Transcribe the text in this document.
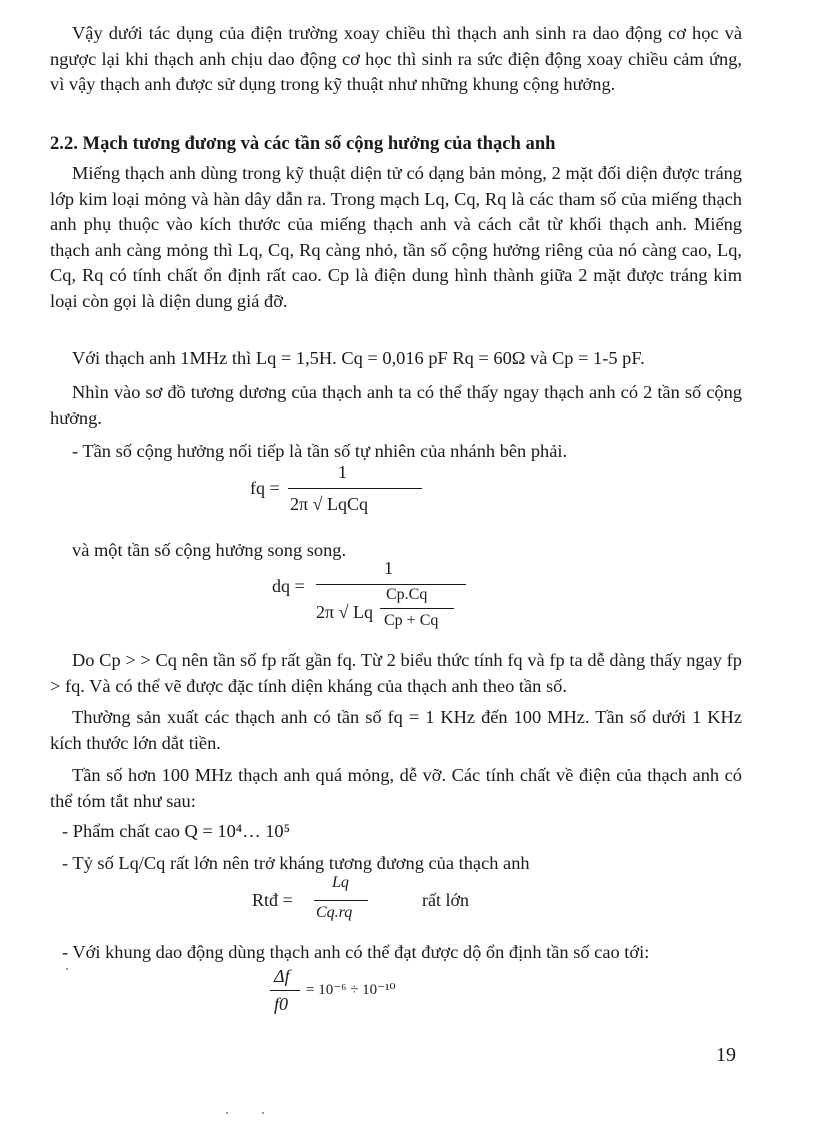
Vậy dưới tác dụng của điện trường xoay chiều thì thạch anh sinh ra dao động cơ học và ngược lại khi thạch anh chịu dao động cơ học thì sinh ra sức điện động xoay chiều cảm ứng, vì vậy thạch anh được sử dụng trong kỹ thuật như những khung cộng hưởng.

2.2. Mạch tương đương và các tần số cộng hưởng của thạch anh

Miếng thạch anh dùng trong kỹ thuật diện tử có dạng bản mỏng, 2 mặt đối diện được tráng lớp kim loại mỏng và hàn dây dẫn ra. Trong mạch Lq, Cq, Rq là các tham số của miếng thạch anh phụ thuộc vào kích thước của miếng thạch anh và cách cắt từ khối thạch anh. Miếng thạch anh càng mỏng thì Lq, Cq, Rq càng nhỏ, tần số cộng hưởng riêng của nó càng cao, Lq, Cq, Rq có tính chất ổn định rất cao. Cp là điện dung hình thành giữa 2 mặt được tráng kim loại còn gọi là diện dung giá đỡ.

Với thạch anh 1MHz thì Lq = 1,5H. Cq = 0,016 pF Rq = 60Ω và Cp = 1-5 pF.

Nhìn vào sơ đồ tương dương của thạch anh ta có thể thấy ngay thạch anh có 2 tần số cộng hưởng.

- Tần số cộng hưởng nối tiếp là tần số tự nhiên của nhánh bên phải.

fq =
1
2π √ LqCq

và một tần số cộng hưởng song song.

dq =
1
2π √ Lq
Cp.Cq
Cp + Cq

Do Cp > > Cq nên tần số fp rất gần fq. Từ 2 biểu thức tính fq và fp ta dễ dàng thấy ngay fp > fq. Và có thể vẽ được đặc tính diện kháng của thạch anh theo tần số.

Thường sản xuất các thạch anh có tần số fq = 1 KHz đến 100 MHz. Tần số dưới 1 KHz kích thước lớn dắt tiền.

Tần số hơn 100 MHz thạch anh quá mỏng, dễ vỡ. Các tính chất về điện của thạch anh có thể tóm tắt như sau:

- Phẩm chất cao Q = 10⁴… 10⁵

- Tỷ số Lq/Cq rất lớn nên trở kháng tương đương của thạch anh

Rtđ =
Lq
Cq.rq
rất lớn

- Với khung dao động dùng thạch anh có thể đạt được dộ ổn định tần số cao tới:

Δf
f0
= 10⁻⁶ ÷ 10⁻¹⁰
19
